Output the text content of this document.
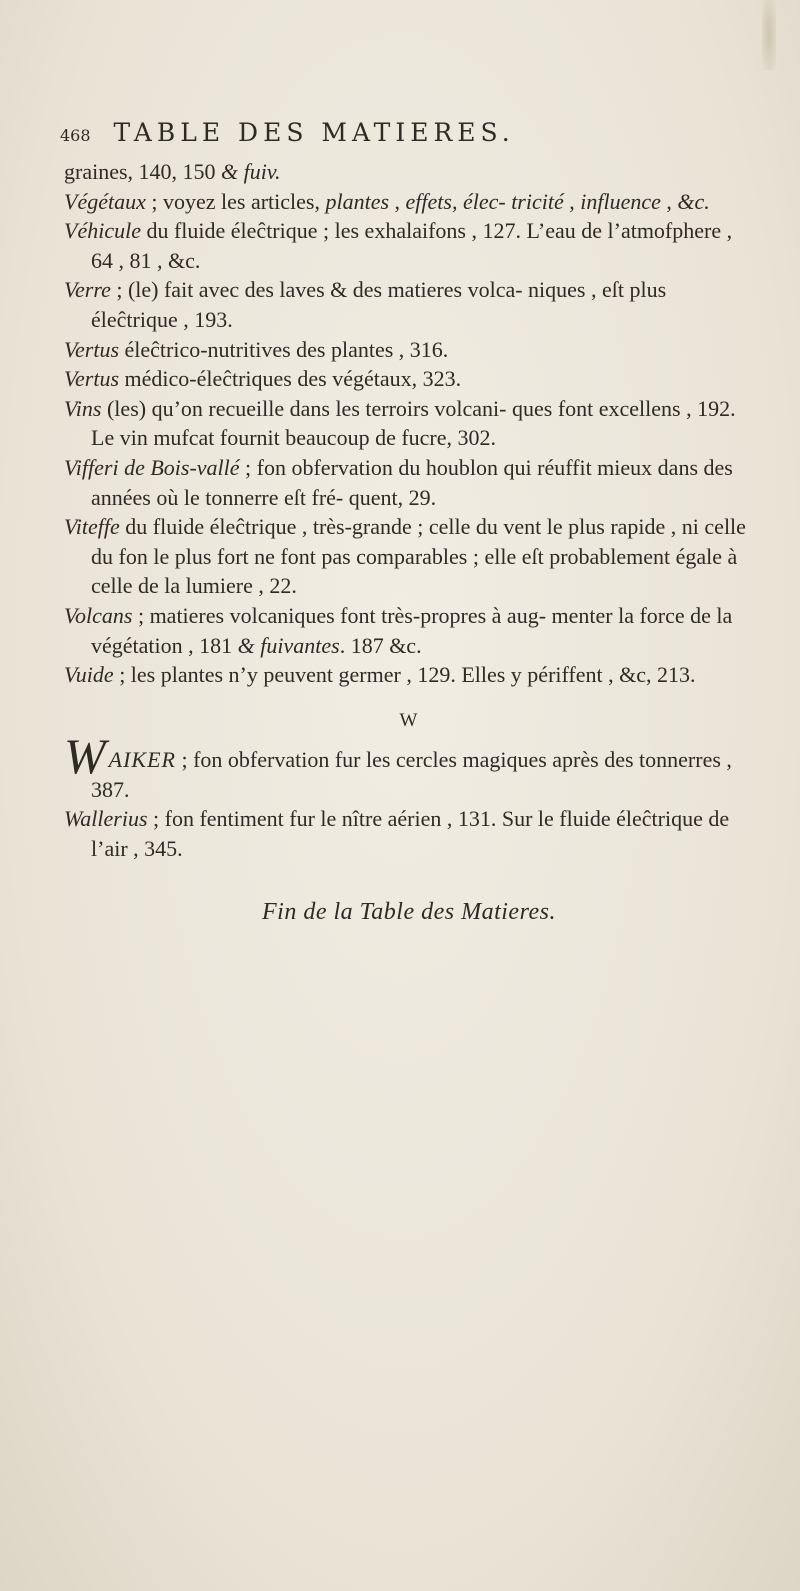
468 TABLE DES MATIERES.

graines, 140, 150 & fuiv.

Végétaux ; voyez les articles, plantes , effets, élec- tricité , influence , &c.

Véhicule du fluide éleĉtrique ; les exhalaifons , 127. L’eau de l’atmofphere , 64 , 81 , &c.

Verre ; (le) fait avec des laves & des matieres volca- niques , eſt plus éleĉtrique , 193.

Vertus éleĉtrico-nutritives des plantes , 316.

Vertus médico-éleĉtriques des végétaux, 323.

Vins (les) qu’on recueille dans les terroirs volcani- ques font excellens , 192. Le vin mufcat fournit beaucoup de fucre, 302.

Vifferi de Bois-vallé ; fon obfervation du houblon qui réuffit mieux dans des années où le tonnerre eſt fré- quent, 29.

Viteffe du fluide éleĉtrique , très-grande ; celle du vent le plus rapide , ni celle du fon le plus fort ne font pas comparables ; elle eſt probablement égale à celle de la lumiere , 22.

Volcans ; matieres volcaniques font très-propres à aug- menter la force de la végétation , 181 & fuivantes. 187 &c.

Vuide ; les plantes n’y peuvent germer , 129. Elles y périffent , &c, 213.

W

WAIKER ; fon obfervation fur les cercles magiques après des tonnerres , 387.

Wallerius ; fon fentiment fur le nître aérien , 131. Sur le fluide éleĉtrique de l’air , 345.

Fin de la Table des Matieres.
